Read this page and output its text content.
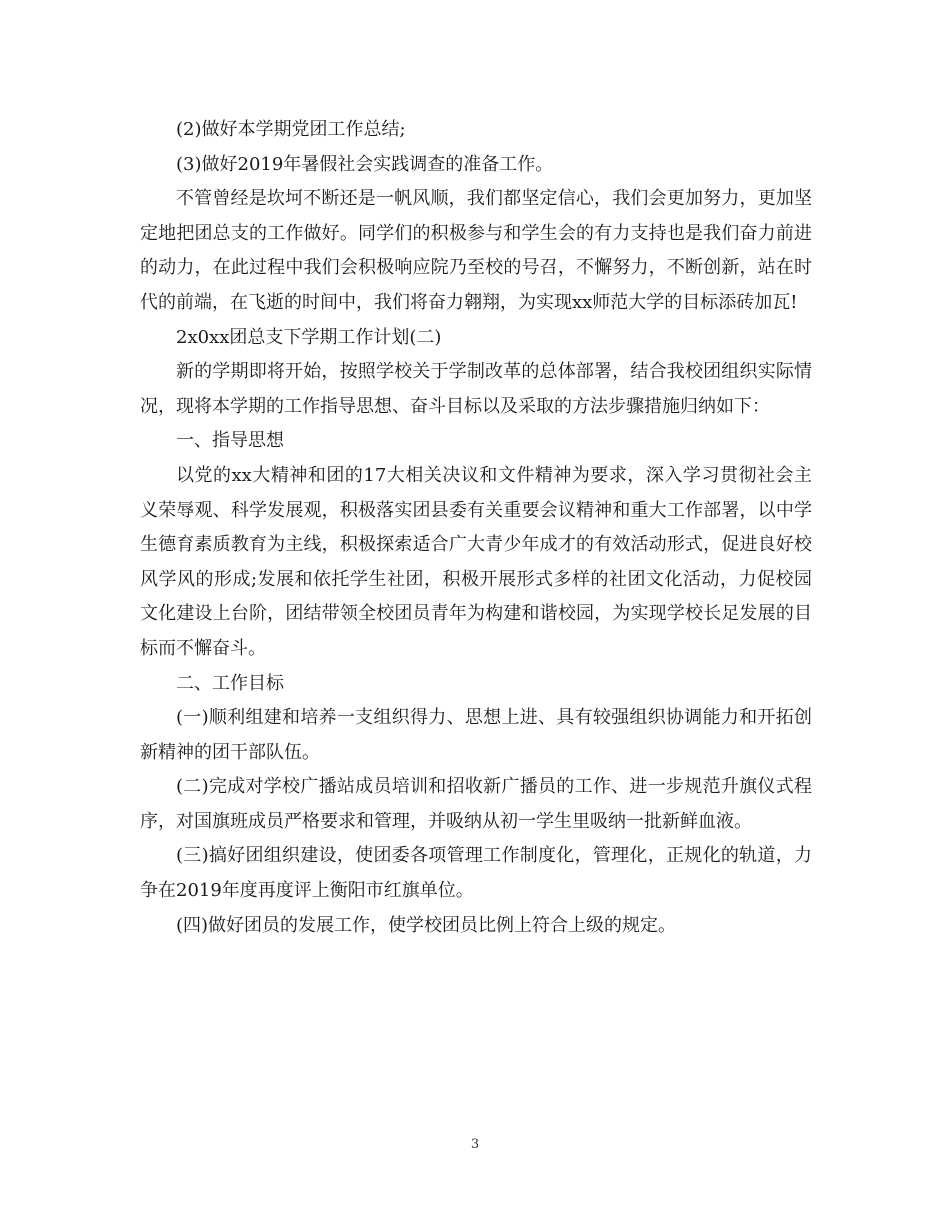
(2)做好本学期党团工作总结;

(3)做好2019年暑假社会实践调查的准备工作。

不管曾经是坎坷不断还是一帆风顺，我们都坚定信心，我们会更加努力，更加坚定地把团总支的工作做好。同学们的积极参与和学生会的有力支持也是我们奋力前进的动力，在此过程中我们会积极响应院乃至校的号召，不懈努力，不断创新，站在时代的前端，在飞逝的时间中，我们将奋力翱翔，为实现xx师范大学的目标添砖加瓦!

2x0xx团总支下学期工作计划(二)

新的学期即将开始，按照学校关于学制改革的总体部署，结合我校团组织实际情况，现将本学期的工作指导思想、奋斗目标以及采取的方法步骤措施归纳如下：

一、指导思想

以党的xx大精神和团的17大相关决议和文件精神为要求，深入学习贯彻社会主义荣辱观、科学发展观，积极落实团县委有关重要会议精神和重大工作部署，以中学生德育素质教育为主线，积极探索适合广大青少年成才的有效活动形式，促进良好校风学风的形成;发展和依托学生社团，积极开展形式多样的社团文化活动，力促校园文化建设上台阶，团结带领全校团员青年为构建和谐校园，为实现学校长足发展的目标而不懈奋斗。

二、工作目标

(一)顺利组建和培养一支组织得力、思想上进、具有较强组织协调能力和开拓创新精神的团干部队伍。

(二)完成对学校广播站成员培训和招收新广播员的工作、进一步规范升旗仪式程序，对国旗班成员严格要求和管理，并吸纳从初一学生里吸纳一批新鲜血液。

(三)搞好团组织建设，使团委各项管理工作制度化，管理化，正规化的轨道，力争在2019年度再度评上衡阳市红旗单位。

(四)做好团员的发展工作，使学校团员比例上符合上级的规定。

3
